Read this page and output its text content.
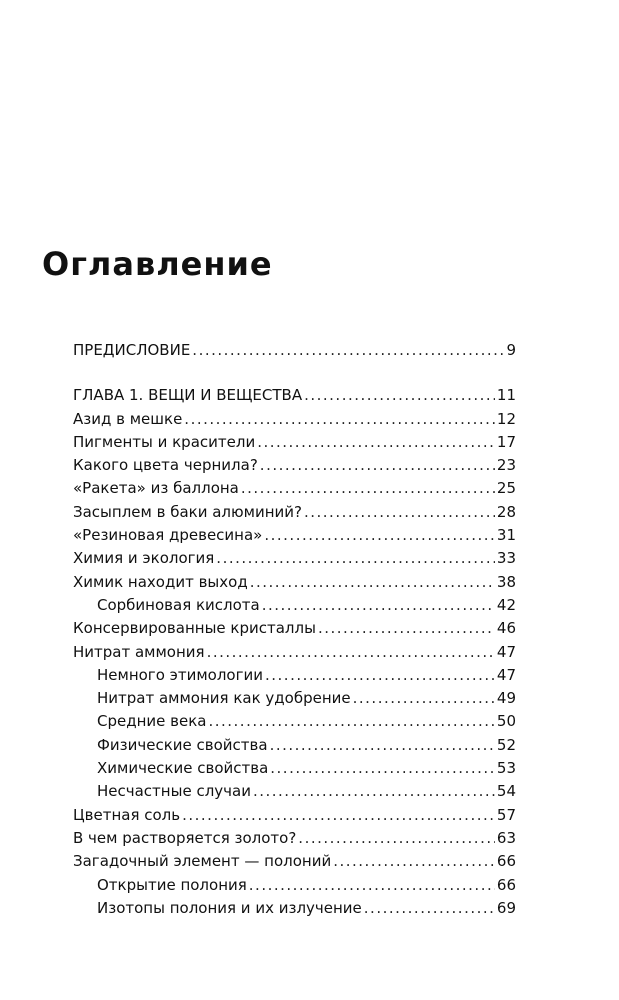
Оглавление
ПРЕДИСЛОВИЕ .....	9
ГЛАВА 1. ВЕЩИ И ВЕЩЕСТВА .....	11
Азид в мешке .....	12
Пигменты и красители .....	17
Какого цвета чернила? .....	23
«Ракета» из баллона .....	25
Засыплем в баки алюминий? .....	28
«Резиновая древесина» .....	31
Химия и экология .....	33
Химик находит выход .....	38
Сорбиновая кислота .....	42
Консервированные кристаллы .....	46
Нитрат аммония .....	47
Немного этимологии .....	47
Нитрат аммония как удобрение .....	49
Средние века .....	50
Физические свойства .....	52
Химические свойства .....	53
Несчастные случаи .....	54
Цветная соль .....	57
В чем растворяется золото? .....	63
Загадочный элемент — полоний .....	66
Открытие полония .....	66
Изотопы полония и их излучение .....	69
